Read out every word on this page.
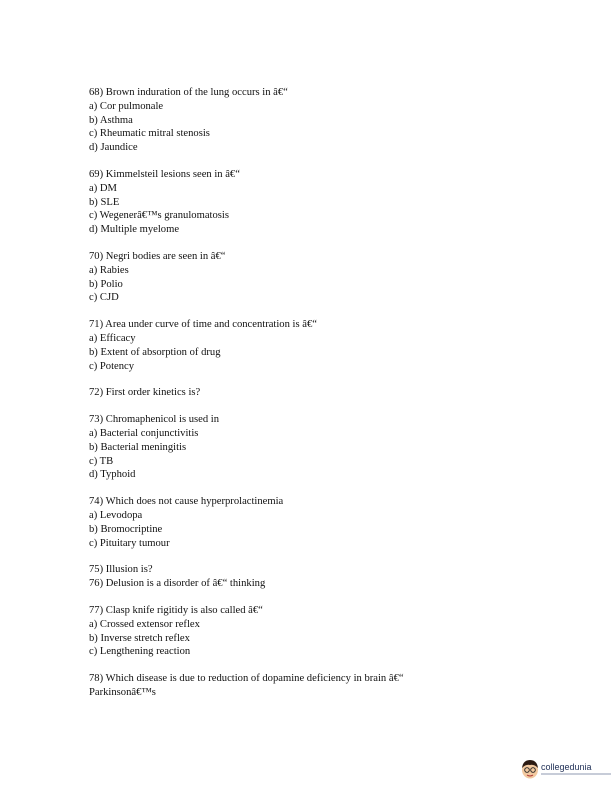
68) Brown induration of the lung occurs in â€“
a) Cor pulmonale
b) Asthma
c) Rheumatic mitral stenosis
d) Jaundice
69) Kimmelsteil lesions seen in â€“
a) DM
b) SLE
c) Wegenerâ€™s granulomatosis
d) Multiple myelome
70) Negri bodies are seen in â€“
a) Rabies
b) Polio
c) CJD
71) Area under curve of time and concentration is â€“
a) Efficacy
b) Extent of absorption of drug
c) Potency
72) First order kinetics is?
73) Chromaphenicol is used in
a) Bacterial conjunctivitis
b) Bacterial meningitis
c) TB
d) Typhoid
74) Which does not cause hyperprolactinemia
a) Levodopa
b) Bromocriptine
c) Pituitary tumour
75) Illusion is?
76) Delusion is a disorder of â€“ thinking
77) Clasp knife rigitidy is also called â€“
a) Crossed extensor reflex
b) Inverse stretch reflex
c) Lengthening reaction
78) Which disease is due to reduction of dopamine deficiency in brain â€“
Parkinsonâ€™s
collegedunia
